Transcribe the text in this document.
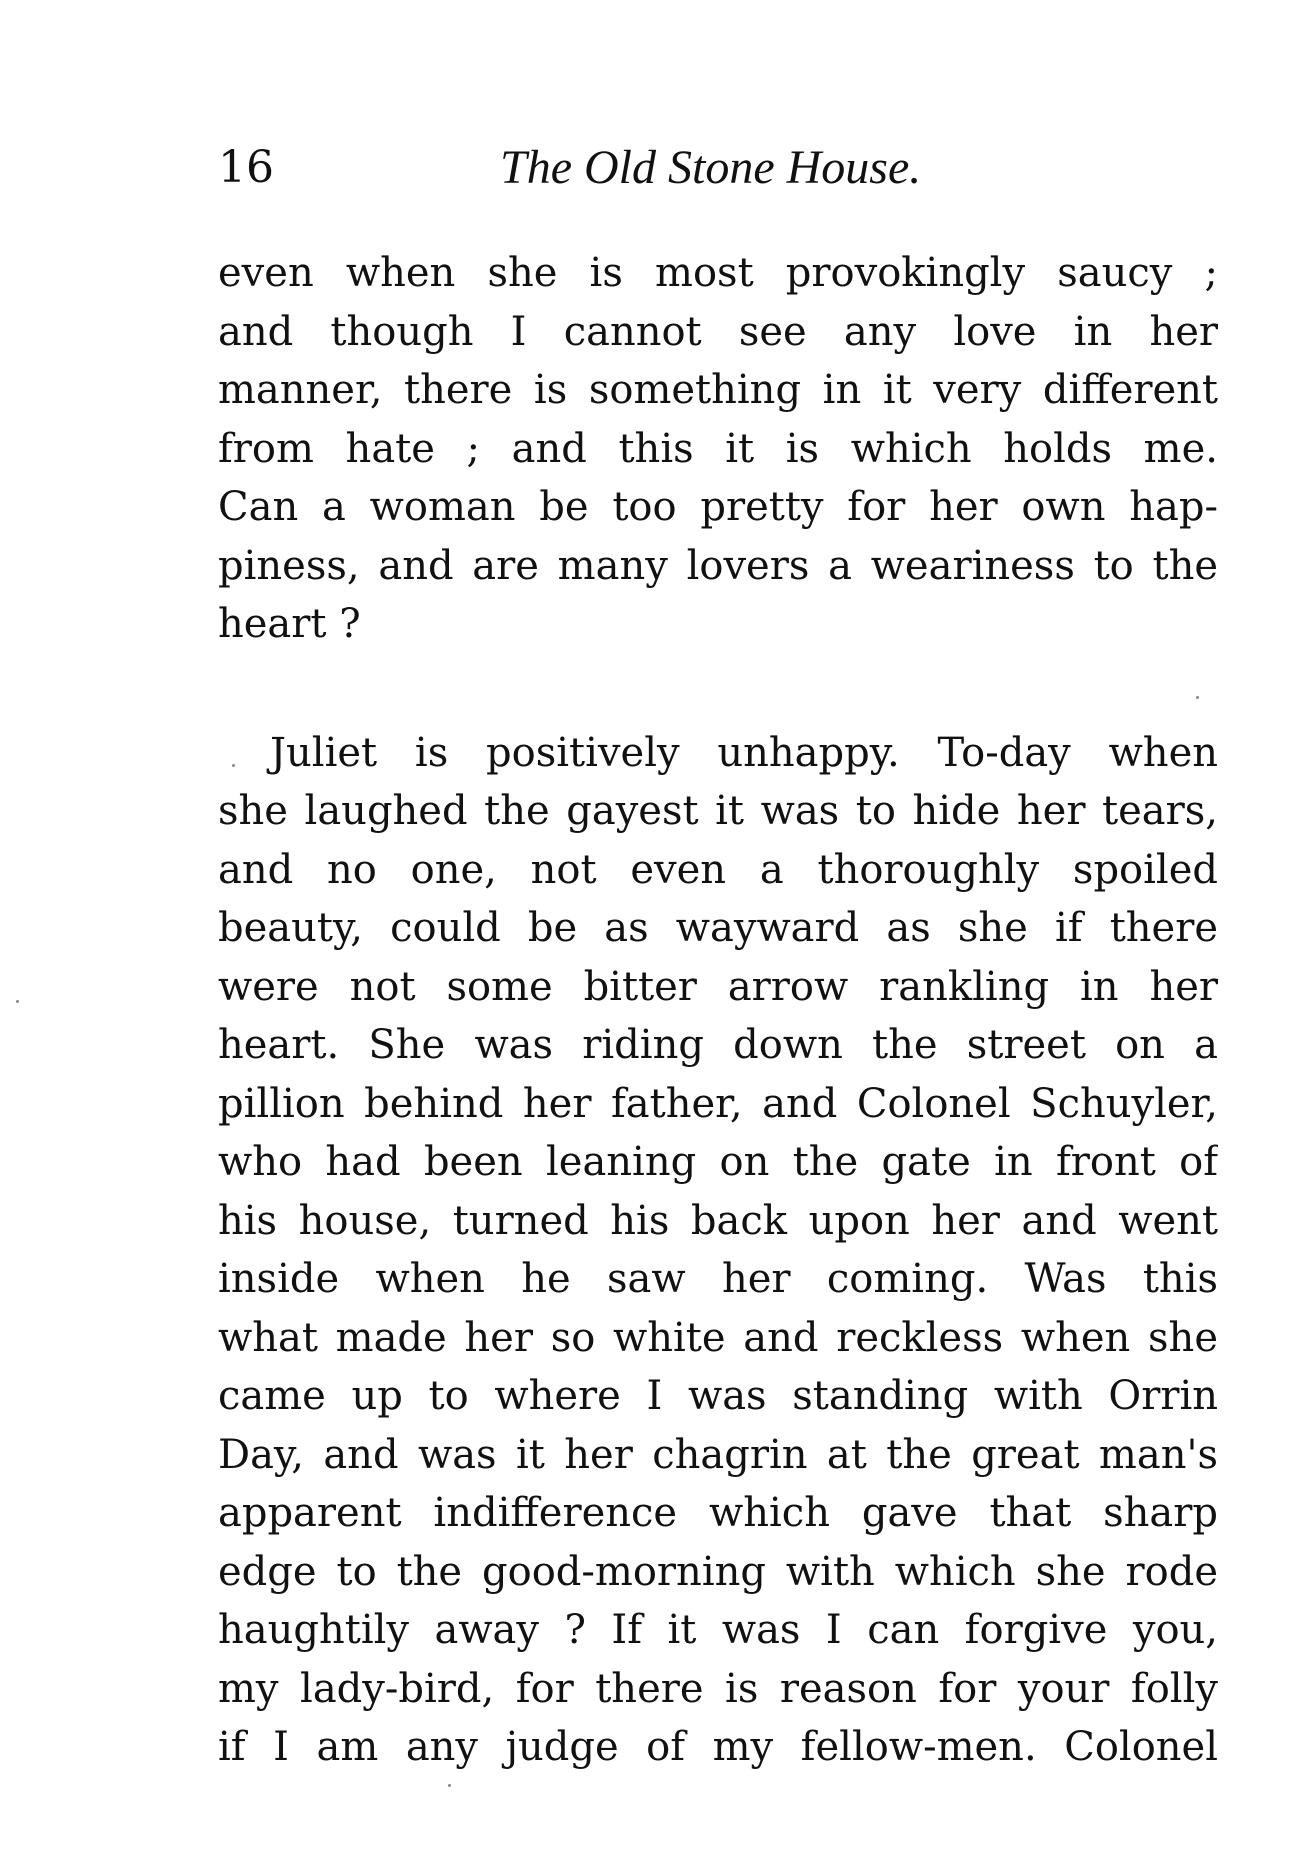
16	The Old Stone House.
even when she is most provokingly saucy ;
and though I cannot see any love in her
manner, there is something in it very different
from hate ; and this it is which holds me.
Can a woman be too pretty for her own hap-
piness, and are many lovers a weariness to the
heart ?
Juliet is positively unhappy. To-day when
she laughed the gayest it was to hide her tears,
and no one, not even a thoroughly spoiled
beauty, could be as wayward as she if there
were not some bitter arrow rankling in her
heart. She was riding down the street on a
pillion behind her father, and Colonel Schuyler,
who had been leaning on the gate in front of
his house, turned his back upon her and went
inside when he saw her coming. Was this
what made her so white and reckless when she
came up to where I was standing with Orrin
Day, and was it her chagrin at the great man's
apparent indifference which gave that sharp
edge to the good-morning with which she rode
haughtily away ? If it was I can forgive you,
my lady-bird, for there is reason for your folly
if I am any judge of my fellow-men. Colonel
